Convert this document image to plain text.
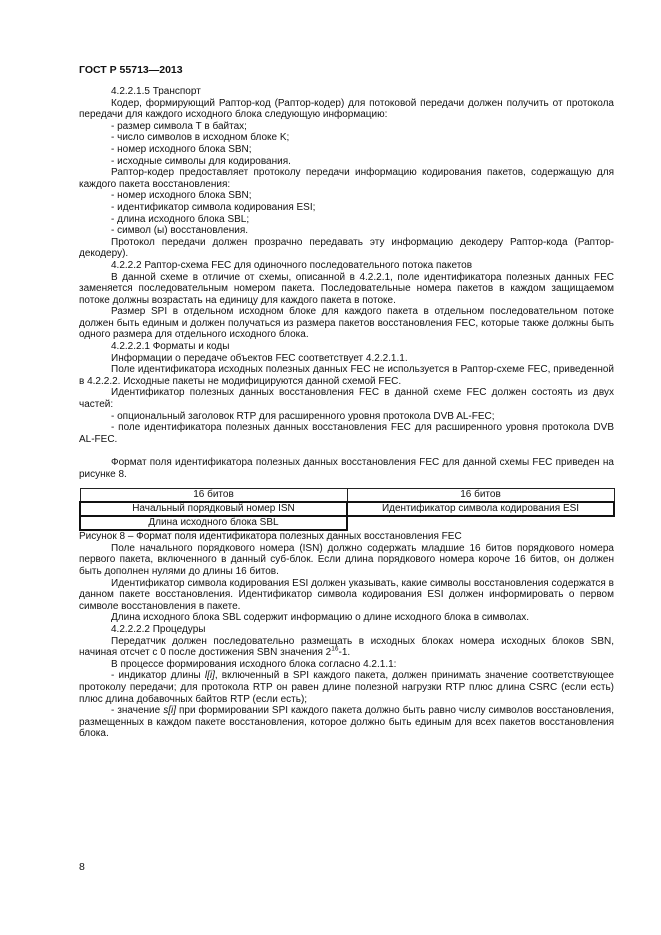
ГОСТ Р 55713—2013

4.2.2.1.5 Транспорт

Кодер, формирующий Раптор-код (Раптор-кодер) для потоковой передачи должен получить от протокола передачи для каждого исходного блока следующую информацию:

- размер символа T в байтах;

- число символов в исходном блоке K;

- номер исходного блока SBN;

- исходные символы для кодирования.

Раптор-кодер предоставляет протоколу передачи информацию кодирования пакетов, содержащую для каждого пакета восстановления:

- номер исходного блока SBN;

- идентификатор символа кодирования ESI;

- длина исходного блока SBL;

- символ (ы) восстановления.

Протокол передачи должен прозрачно передавать эту информацию декодеру Раптор-кода (Раптор-декодеру).

4.2.2.2 Раптор-схема FEC для одиночного последовательного потока пакетов

В данной схеме в отличие от схемы, описанной в 4.2.2.1, поле идентификатора полезных данных FEC заменяется последовательным номером пакета. Последовательные номера пакетов в каждом защищаемом потоке должны возрастать на единицу для каждого пакета в потоке.

Размер SPI в отдельном исходном блоке для каждого пакета в отдельном последовательном потоке должен быть единым и должен получаться из размера пакетов восстановления FEC, которые также должны быть одного размера для отдельного исходного блока.

4.2.2.2.1 Форматы и коды

Информации о передаче объектов FEC соответствует 4.2.2.1.1.

Поле идентификатора исходных полезных данных FEC не используется в Раптор-схеме FEC, приведенной в 4.2.2.2. Исходные пакеты не модифицируются данной схемой FEC.

Идентификатор полезных данных восстановления FEC в данной схеме FEC должен состоять из двух частей:

- опциональный заголовок RTP для расширенного уровня протокола DVB AL-FEC;

- поле идентификатора полезных данных восстановления FEC для расширенного уровня протокола DVB AL-FEC.

Формат поля идентификатора полезных данных восстановления FEC для данной схемы FEC приведен на рисунке 8.

16 битов	16 битов
Начальный порядковый номер ISN	Идентификатор символа кодирования ESI
Длина исходного блока SBL	

Рисунок 8 – Формат поля идентификатора полезных данных восстановления FEC

Поле начального порядкового номера (ISN) должно содержать младшие 16 битов порядкового номера первого пакета, включенного в данный суб-блок. Если длина порядкового номера короче 16 битов, он должен быть дополнен нулями до длины 16 битов.

Идентификатор символа кодирования ESI должен указывать, какие символы восстановления содержатся в данном пакете восстановления. Идентификатор символа кодирования ESI должен информировать о первом символе восстановления в пакете.

Длина исходного блока SBL содержит информацию о длине исходного блока в символах.

4.2.2.2.2 Процедуры

Передатчик должен последовательно размещать в исходных блоках номера исходных блоков SBN, начиная отсчет с 0 после достижения SBN значения $2^{16}-1$.

В процессе формирования исходного блока согласно 4.2.1.1:

- индикатор длины l[i], включенный в SPI каждого пакета, должен принимать значение соответствующее протоколу передачи; для протокола RTP он равен длине полезной нагрузки RTP плюс длина CSRC (если есть) плюс длина добавочных байтов RTP (если есть);

- значение s[i] при формировании SPI каждого пакета должно быть равно числу символов восстановления, размещенных в каждом пакете восстановления, которое должно быть единым для всех пакетов восстановления блока.

8
